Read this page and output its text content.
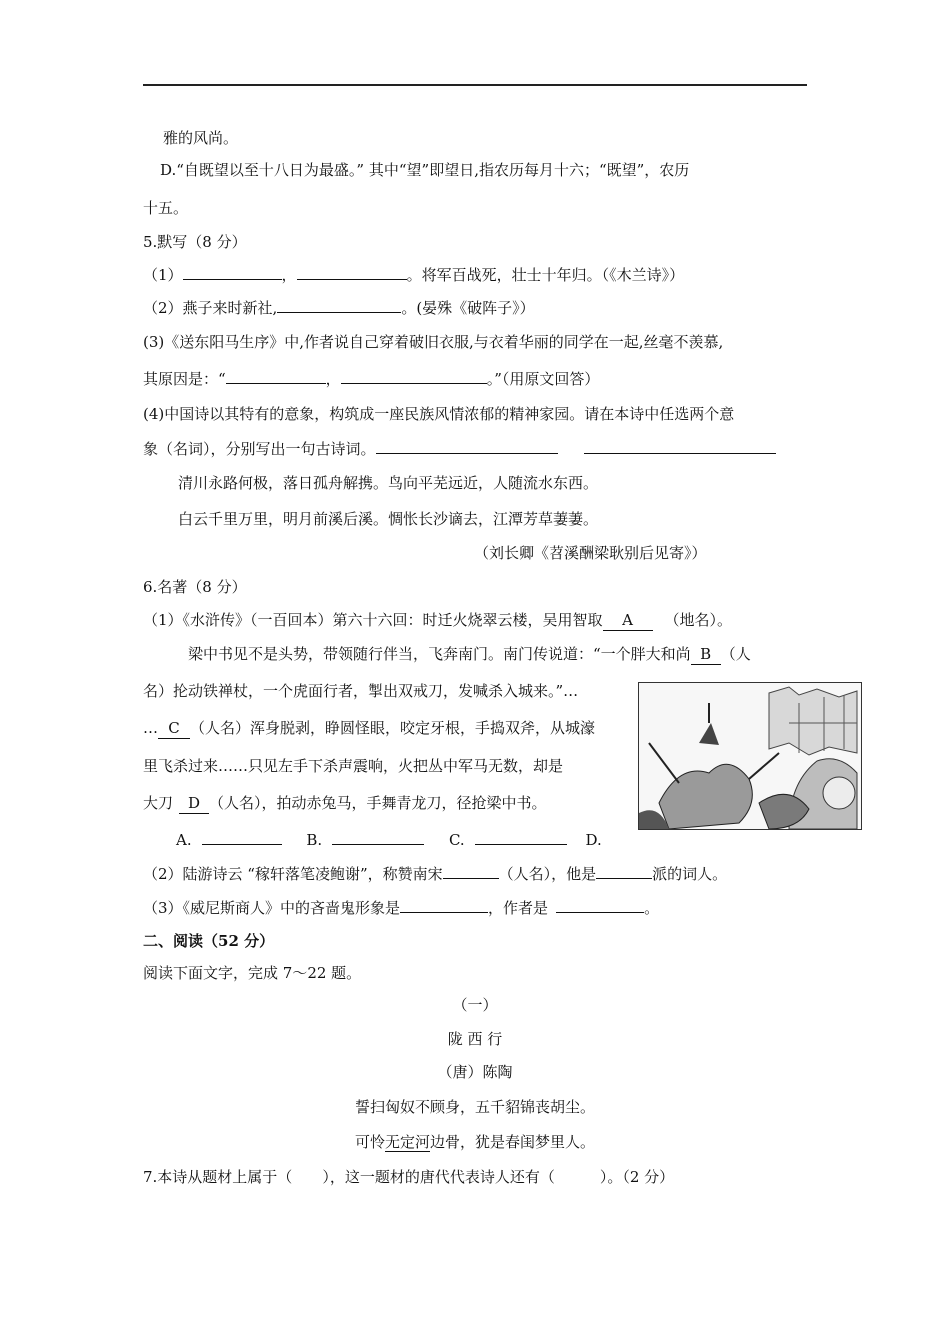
雅的风尚。
D.“自既望以至十八日为最盛。” 其中“望”即望日,指农历每月十六；“既望”，农历
十五。
5.默写（8 分）
（1）	，	。将军百战死，壮士十年归。（《木兰诗》）
（2）燕子来时新社,	。(晏殊《破阵子》）
(3)《送东阳马生序》中,作者说自己穿着破旧衣服,与衣着华丽的同学在一起,丝毫不羡慕,
其原因是：“	，	。”（用原文回答）
(4)中国诗以其特有的意象，构筑成一座民族风情浓郁的精神家园。请在本诗中任选两个意
象（名词），分别写出一句古诗词。
清川永路何极，落日孤舟解携。鸟向平芜远近，人随流水东西。
白云千里万里，明月前溪后溪。惆怅长沙谪去，江潭芳草萋萋。
（刘长卿《苕溪酬梁耿别后见寄》）
6.名著（8 分）
（1）《水浒传》（一百回本）第六十六回：时迁火烧翠云楼，吴用智取 A （地名）。
梁中书见不是头势，带领随行伴当，飞奔南门。南门传说道：“一个胖大和尚 B （人
名）抡动铁禅杖，一个虎面行者，掣出双戒刀，发喊杀入城来。”…
… C （人名）浑身脱剥，睁圆怪眼，咬定牙根，手捣双斧，从城濠
里飞杀过来……只见左手下杀声震响，火把丛中军马无数，却是
大刀 D （人名），拍动赤兔马，手舞青龙刀，径抢梁中书。
A.	B.	C.	D.
（2）陆游诗云 “稼轩落笔凌鲍谢”，称赞南宋	（人名），他是	派的词人。
（3）《威尼斯商人》中的吝啬鬼形象是	，作者是	。
二、阅读（52 分）
阅读下面文字，完成 7～22 题。
（一）
陇 西 行
（唐）陈陶
誓扫匈奴不顾身，五千貂锦丧胡尘。
可怜无定河边骨，犹是春闺梦里人。
7.本诗从题材上属于（　　），这一题材的唐代代表诗人还有（　　　）。（2 分）
